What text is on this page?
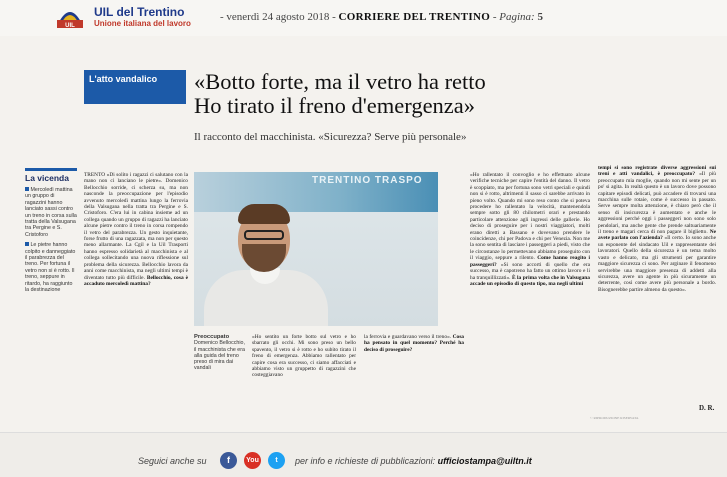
UIL
UIL del Trentino
Unione italiana del lavoro
- venerdì 24 agosto 2018 - CORRIERE DEL TRENTINO - Pagina: 5
La vicenda
Mercoledì mattina un gruppo di ragazzini hanno lanciato sassi contro un treno in corsa sulla tratta della Valsugana tra Pergine e S. Cristoforo
Le pietre hanno colpito e danneggiato il parabrezza del treno. Per fortuna il vetro non si è rotto. Il treno, seppure in ritardo, ha raggiunto la destinazione
L'atto vandalico «Botto forte, ma il vetro ha retto
Ho tirato il freno d'emergenza»
Il racconto del macchinista. «Sicurezza? Serve più personale»
TRENTO «Di solito i ragazzi ci salutano con la mano non ci lanciano le pietre». Domenico Bellocchio sorride, ci scherza su, ma non nasconde la preoccupazione per l'episodio avvenuto mercoledì mattina lungo la ferrovia della Valsugana nella tratta tra Pergine e S. Cristoforo. C'era lui in cabina insieme ad un collega quando un gruppo di ragazzi ha lanciato alcune pietre contro il treno in corsa rompendo il vetro del parabrezza. Un gesto inquietante, forse frutto di una ragazzata, ma non per questo meno allarmante. La Cgil e la Uil Trasporti hanno espresso solidarietà al macchinista e al collega sollecitando una nuova riflessione sul problema della sicurezza. Bellocchio lavora da anni come macchinista, ma negli ultimi tempi è diventato tutto più difficile. Bellocchio, cosa è accaduto mercoledì mattina?
TRENTINO TRASPO
Preoccupato
Domenico Bellocchio, il macchinista che era alla guida del treno preso di mira dai vandali
«Ho sentito un forte botto sul vetro e ho sbarrato gli occhi. Mi sono preso un bello spavento, il vetro si è rotto e ho subito tirato il freno di emergenza. Abbiamo rallentato per capire cosa era successo, ci siamo affacciati e abbiamo visto un gruppetto di ragazzini che costeggiavano
la ferrovia e guardavano verso il treno». Cosa ha pensato in quel momento? Perché ha deciso di proseguire?
«Ho rallentato il convoglio e ho effettuato alcune verifiche tecniche per capire l'entità del danno. Il vetro è scoppiato, ma per fortuna sono vetri speciali e quindi non si è rotto, altrimenti il sasso ci sarebbe arrivato in pieno volto. Quando mi sono reso conto che si poteva procedere ho rallentato la velocità, mantenendola sempre sotto gli 80 chilometri orari e prestando particolare attenzione agli ingressi delle gallerie. Ho deciso di proseguire per i nostri viaggiatori, molti erano diretti a Bassano e dovevano prendere le coincidenze, chi per Padova e chi per Venezia. Non me la sono sentita di lasciare i passeggeri a piedi, visto che le circostanze lo permettevano abbiamo proseguito con il viaggio, seppure a rilento. Come hanno reagito i passeggeri? «Si sono accorti di quello che era successo, ma è capotreno ha fatto un ottimo lavoro e li ha tranquillizzati». È la prima volta che in Valsugana accade un episodio di questo tipo, ma negli ultimi
tempi si sono registrate diverse aggressioni sui treni e atti vandalici, è preoccupato? «Il più preoccupato mia moglie, quando non mi sente per un po' si agita. In realtà questo è un lavoro dove possono capitare episodi delicati, può accadere di trovarsi una macchina sulle rotaie, come è successo in passato. Serve sempre molta attenzione, è chiaro però che il senso di insicurezza è aumentato e anche le aggressioni perché oggi i passeggeri non sono solo pendolari, ma anche gente che prende saltuariamente il treno e magari cerca di non pagare il biglietto. Ne avete parlato con l'azienda? «Il certo. Io sono anche un esponente del sindacato Uil e rappresentante dei lavoratori. Quello della sicurezza è un tema molto vasto e delicato, ma gli strumenti per garantire maggiore sicurezza ci sono. Per arginare il fenomeno servirebbe una maggiore presenza di addetti alla sicurezza, avere un agente in più sicuramente un deterrente, così come avere più personale a bordo. Bisognerebbe partire almeno da questo».
D. R.
© RIPRODUZIONE RISERVATA
Seguici anche su	f	You	t	per info e richieste di pubblicazioni: ufficiostampa@uiltn.it
